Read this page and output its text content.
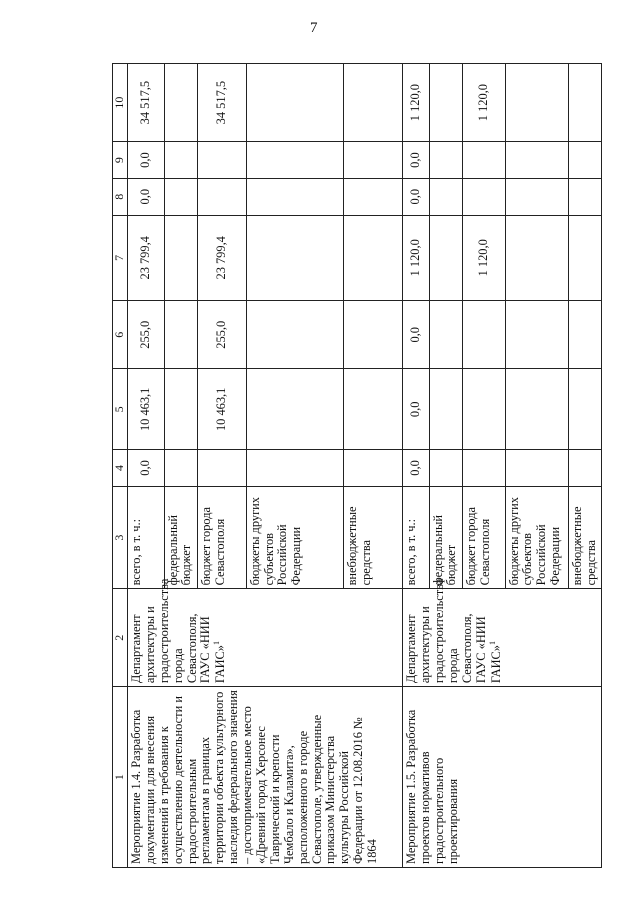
7
1	2	3	4	5	6	7	8	9	10
Мероприятие 1.4. Разработка документации для внесения изменений в требования к осуществлению деятельности и градостроительным регламентам в границах территории объекта культурного наследия федерального значения – достопримечательное место «Древний город Херсонес Таврический и крепости Чембало и Каламита», расположенного в городе Севастополе, утвержденные приказом Министерства культуры Российской Федерации от 12.08.2016 № 1864	Департамент архитектуры и градостроительства города Севастополя, ГАУС «НИИ ГАИС»$^1$	всего, в т. ч.:	0,0	10 463,1	255,0	23 799,4	0,0	0,0	34 517,5
		федеральный бюджет							
		бюджет города Севастополя		10 463,1	255,0	23 799,4			34 517,5
		бюджеты других субъектов Российской Федерации							
		внебюджетные средства							
Мероприятие 1.5. Разработка проектов нормативов градостроительного проектирования	Департамент архитектуры и градостроительства города Севастополя, ГАУС «НИИ ГАИС»$^1$	всего, в т. ч.:	0,0	0,0	0,0	1 120,0	0,0	0,0	1 120,0
		федеральный бюджет							
		бюджет города Севастополя				1 120,0			1 120,0
		бюджеты других субъектов Российской Федерации							
		внебюджетные средства							
